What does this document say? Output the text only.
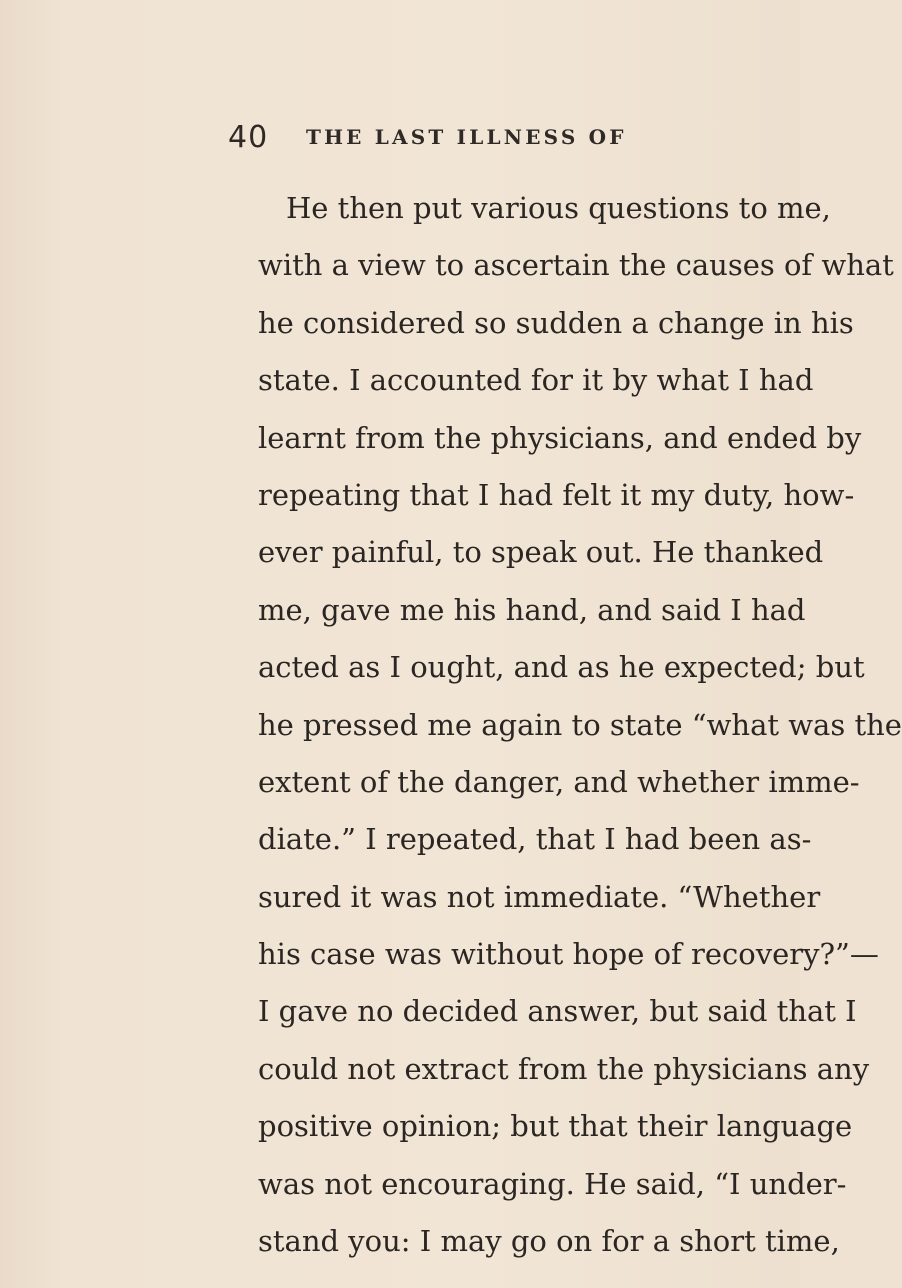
40 THE LAST ILLNESS OF
He then put various questions to me,
with a view to ascertain the causes of what
he considered so sudden a change in his
state. I accounted for it by what I had
learnt from the physicians, and ended by
repeating that I had felt it my duty, how-
ever painful, to speak out. He thanked
me, gave me his hand, and said I had
acted as I ought, and as he expected; but
he pressed me again to state “what was the
extent of the danger, and whether imme-
diate.” I repeated, that I had been as-
sured it was not immediate. “Whether
his case was without hope of recovery?”—
I gave no decided answer, but said that I
could not extract from the physicians any
positive opinion; but that their language
was not encouraging. He said, “I under-
stand you: I may go on for a short time,
